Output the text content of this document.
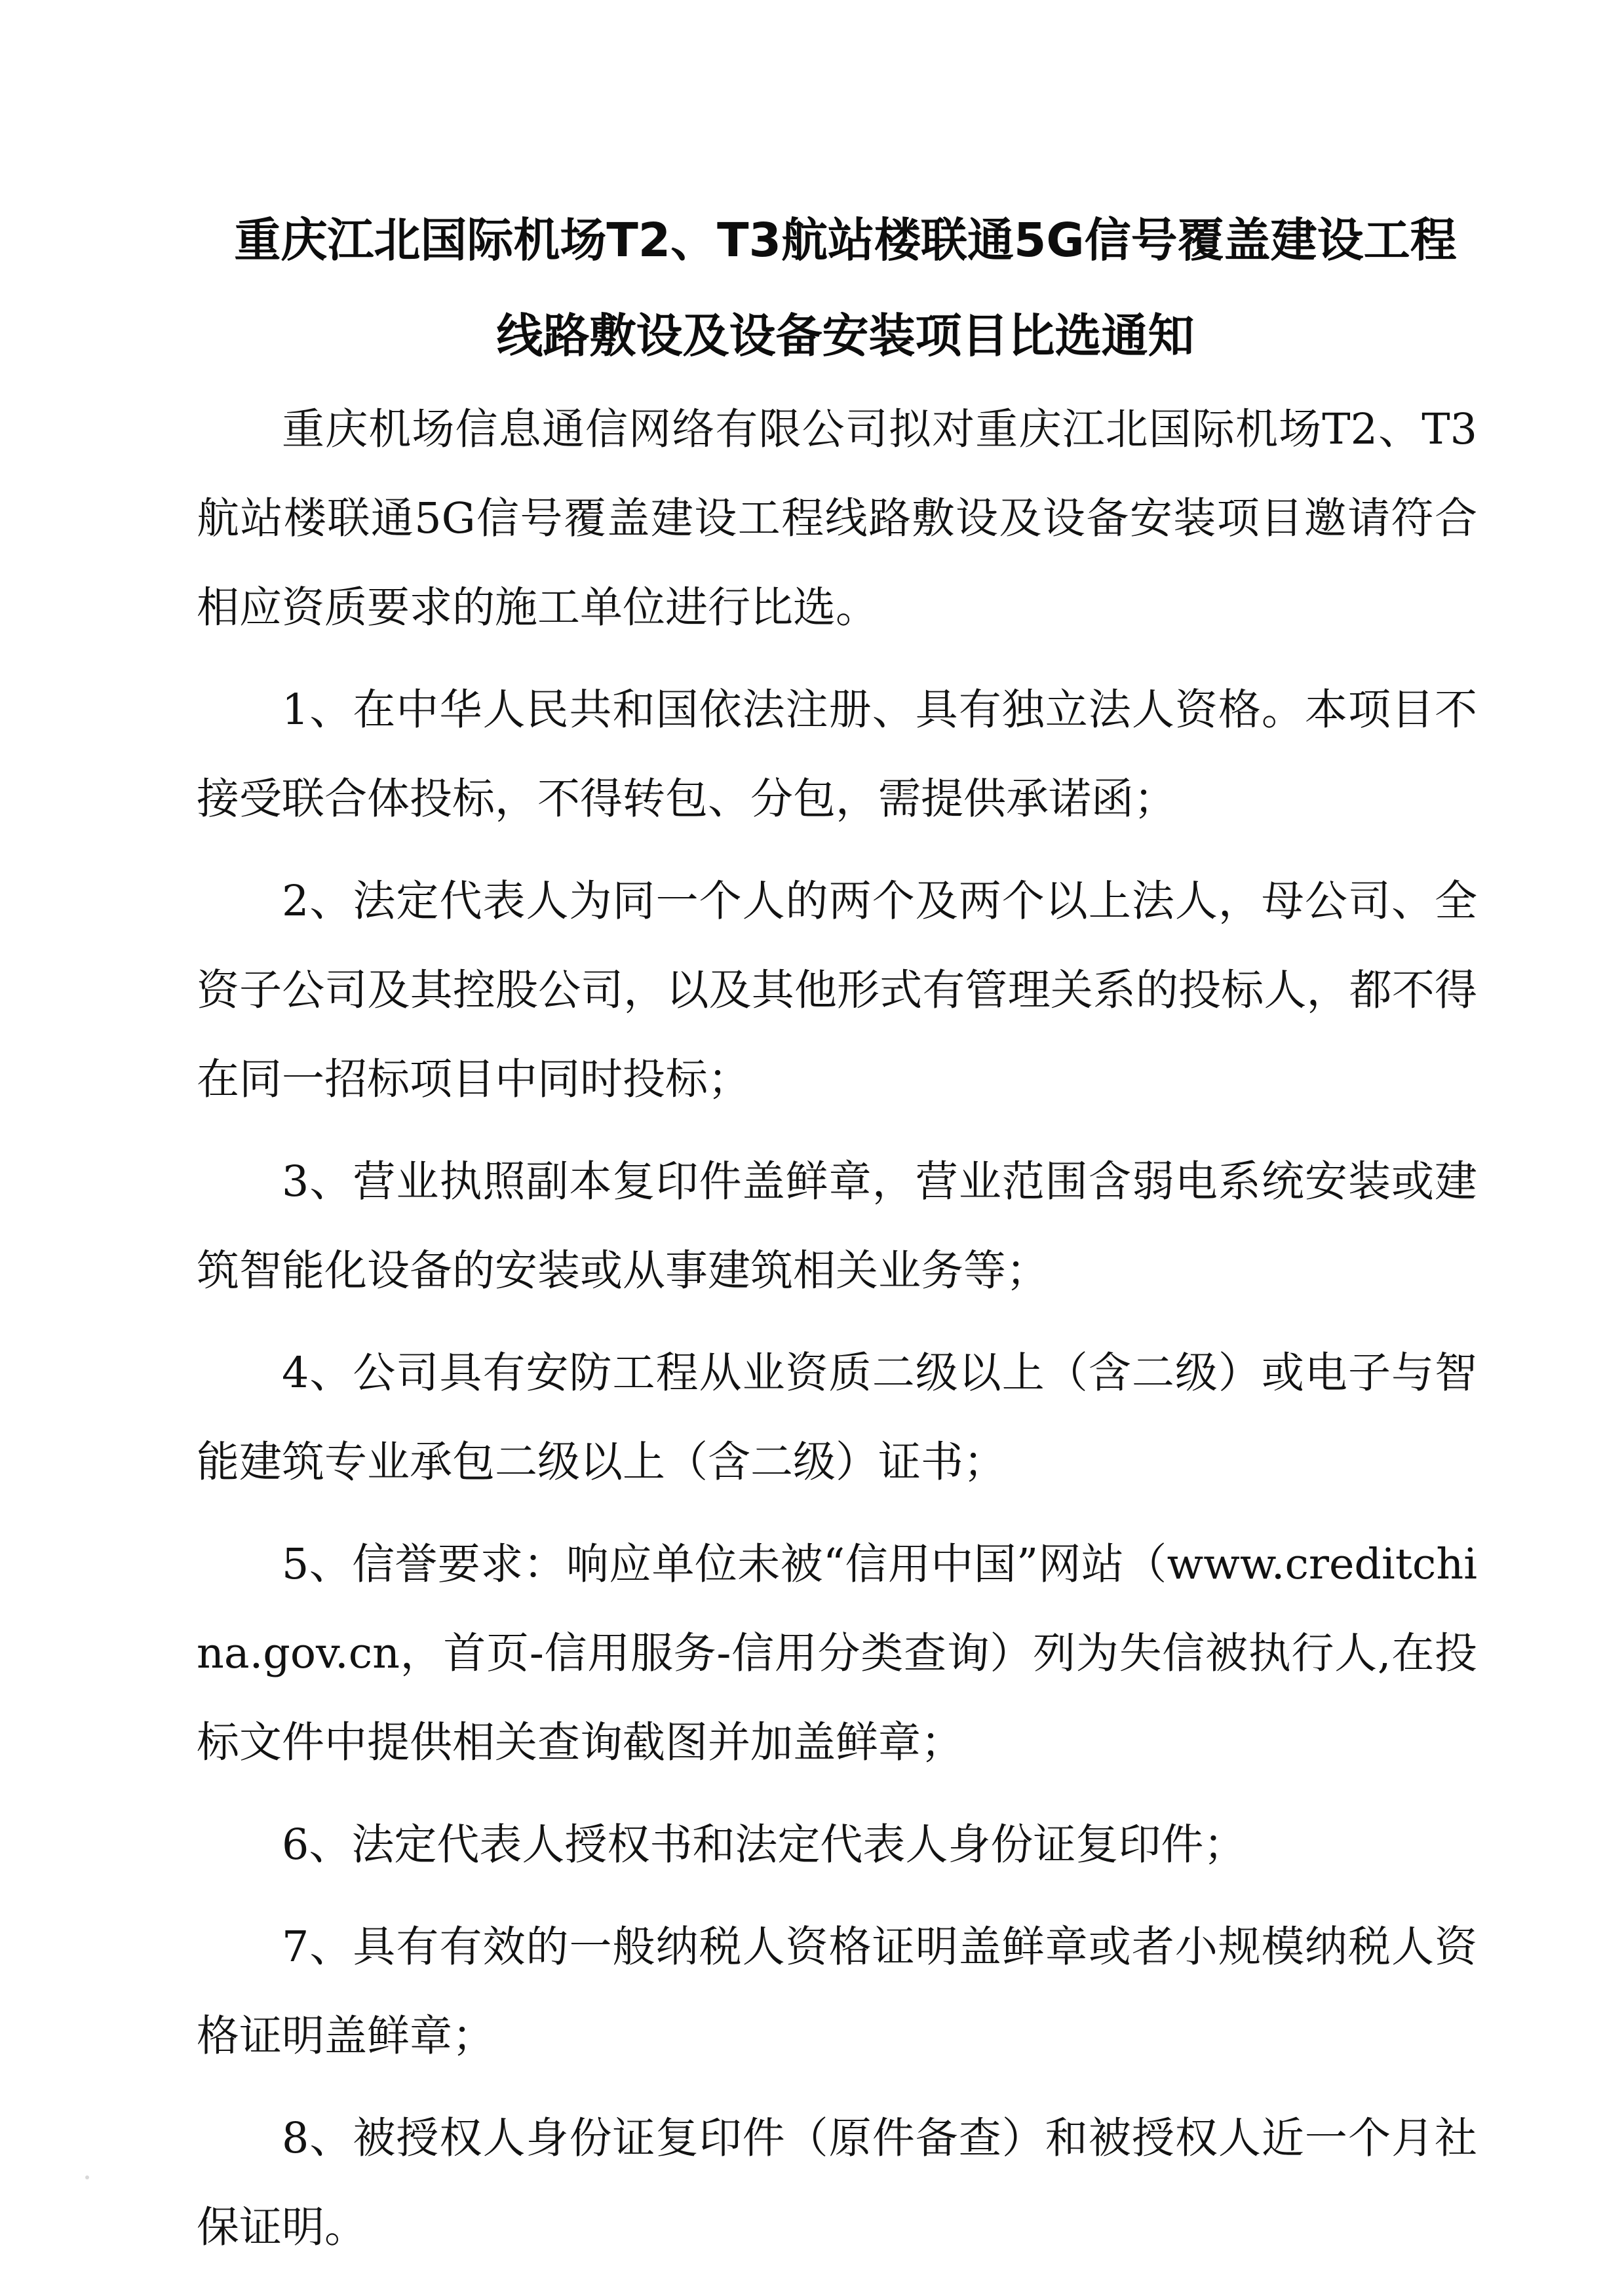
重庆江北国际机场T2、T3航站楼联通5G信号覆盖建设工程
线路敷设及设备安装项目比选通知

重庆机场信息通信网络有限公司拟对重庆江北国际机场T2、T3航站楼联通5G信号覆盖建设工程线路敷设及设备安装项目邀请符合相应资质要求的施工单位进行比选。

1、在中华人民共和国依法注册、具有独立法人资格。本项目不接受联合体投标，不得转包、分包，需提供承诺函；

2、法定代表人为同一个人的两个及两个以上法人，母公司、全资子公司及其控股公司，以及其他形式有管理关系的投标人，都不得在同一招标项目中同时投标；

3、营业执照副本复印件盖鲜章，营业范围含弱电系统安装或建筑智能化设备的安装或从事建筑相关业务等；

4、公司具有安防工程从业资质二级以上（含二级）或电子与智能建筑专业承包二级以上（含二级）证书；

5、信誉要求：响应单位未被“信用中国”网站（www.creditchina.gov.cn，首页-信用服务-信用分类查询）列为失信被执行人,在投标文件中提供相关查询截图并加盖鲜章；

6、法定代表人授权书和法定代表人身份证复印件；

7、具有有效的一般纳税人资格证明盖鲜章或者小规模纳税人资格证明盖鲜章；

8、被授权人身份证复印件（原件备查）和被授权人近一个月社保证明。
